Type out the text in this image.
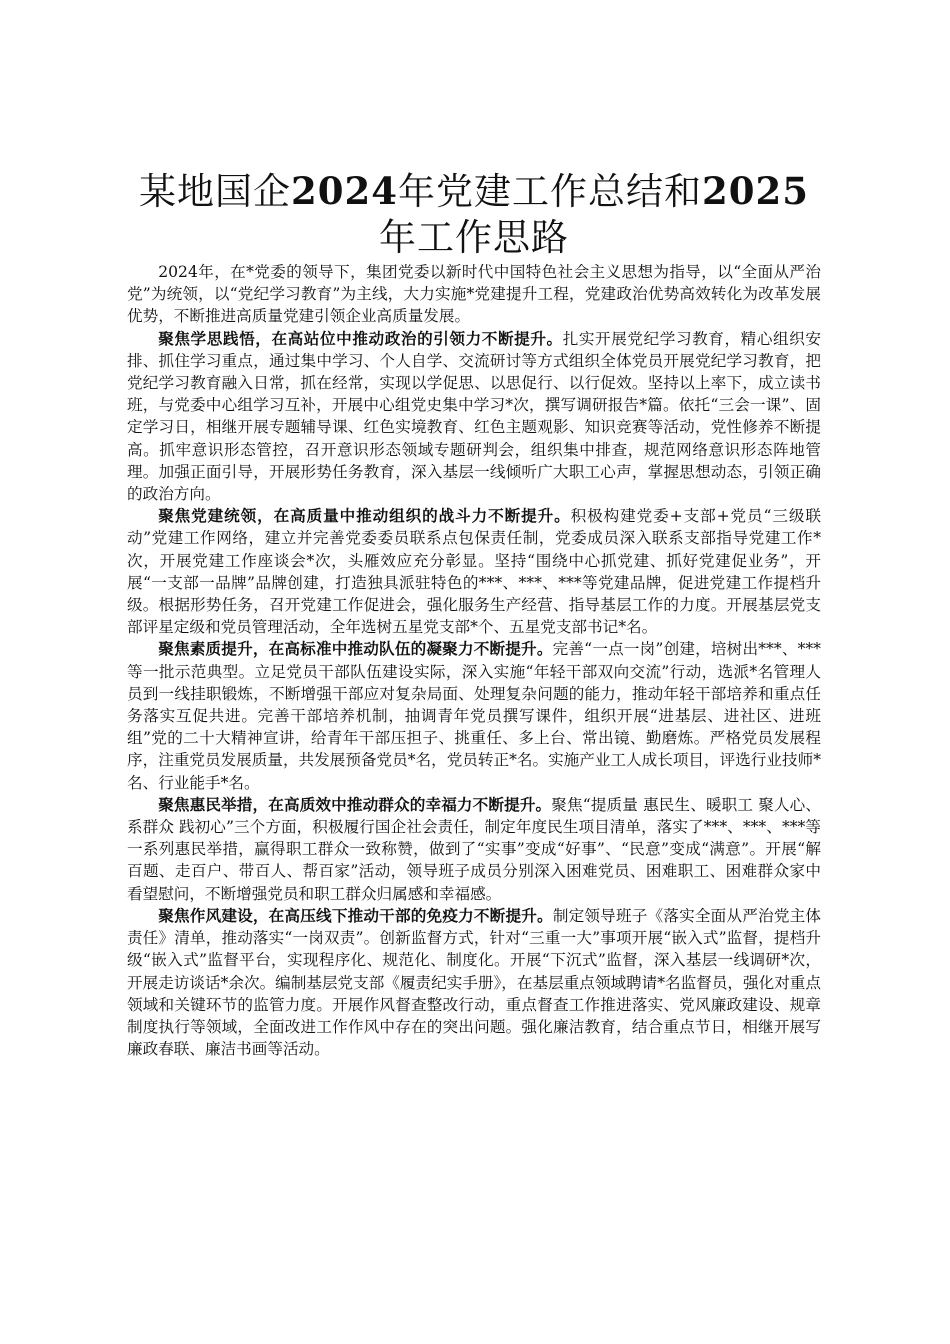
某地国企2024年党建工作总结和2025年工作思路

2024年，在*党委的领导下，集团党委以新时代中国特色社会主义思想为指导，以“全面从严治党”为统领，以“党纪学习教育”为主线，大力实施*党建提升工程，党建政治优势高效转化为改革发展优势，不断推进高质量党建引领企业高质量发展。

聚焦学思践悟，在高站位中推动政治的引领力不断提升。扎实开展党纪学习教育，精心组织安排、抓住学习重点，通过集中学习、个人自学、交流研讨等方式组织全体党员开展党纪学习教育，把党纪学习教育融入日常，抓在经常，实现以学促思、以思促行、以行促效。坚持以上率下，成立读书班，与党委中心组学习互补，开展中心组党史集中学习*次，撰写调研报告*篇。依托“三会一课”、固定学习日，相继开展专题辅导课、红色实境教育、红色主题观影、知识竞赛等活动，党性修养不断提高。抓牢意识形态管控，召开意识形态领域专题研判会，组织集中排查，规范网络意识形态阵地管理。加强正面引导，开展形势任务教育，深入基层一线倾听广大职工心声，掌握思想动态，引领正确的政治方向。

聚焦党建统领，在高质量中推动组织的战斗力不断提升。积极构建党委+支部+党员“三级联动”党建工作网络，建立并完善党委委员联系点包保责任制，党委成员深入联系支部指导党建工作*次，开展党建工作座谈会*次，头雁效应充分彰显。坚持“围绕中心抓党建、抓好党建促业务”，开展“一支部一品牌”品牌创建，打造独具派驻特色的***、***、***等党建品牌，促进党建工作提档升级。根据形势任务，召开党建工作促进会，强化服务生产经营、指导基层工作的力度。开展基层党支部评星定级和党员管理活动，全年选树五星党支部*个、五星党支部书记*名。

聚焦素质提升，在高标准中推动队伍的凝聚力不断提升。完善“一点一岗”创建，培树出***、***等一批示范典型。立足党员干部队伍建设实际，深入实施“年轻干部双向交流”行动，选派*名管理人员到一线挂职锻炼，不断增强干部应对复杂局面、处理复杂问题的能力，推动年轻干部培养和重点任务落实互促共进。完善干部培养机制，抽调青年党员撰写课件，组织开展“进基层、进社区、进班组”党的二十大精神宣讲，给青年干部压担子、挑重任、多上台、常出镜、勤磨炼。严格党员发展程序，注重党员发展质量，共发展预备党员*名，党员转正*名。实施产业工人成长项目，评选行业技师*名、行业能手*名。

聚焦惠民举措，在高质效中推动群众的幸福力不断提升。聚焦“提质量 惠民生、暖职工 聚人心、系群众 践初心”三个方面，积极履行国企社会责任，制定年度民生项目清单，落实了***、***、***等一系列惠民举措，赢得职工群众一致称赞，做到了“实事”变成“好事”、“民意”变成“满意”。开展“解百题、走百户、带百人、帮百家”活动，领导班子成员分别深入困难党员、困难职工、困难群众家中看望慰问，不断增强党员和职工群众归属感和幸福感。

聚焦作风建设，在高压线下推动干部的免疫力不断提升。制定领导班子《落实全面从严治党主体责任》清单，推动落实“一岗双责”。创新监督方式，针对“三重一大”事项开展“嵌入式”监督，提档升级“嵌入式”监督平台，实现程序化、规范化、制度化。开展“下沉式”监督，深入基层一线调研*次，开展走访谈话*余次。编制基层党支部《履责纪实手册》，在基层重点领域聘请*名监督员，强化对重点领域和关键环节的监管力度。开展作风督查整改行动，重点督查工作推进落实、党风廉政建设、规章制度执行等领域，全面改进工作作风中存在的突出问题。强化廉洁教育，结合重点节日，相继开展写廉政春联、廉洁书画等活动。
